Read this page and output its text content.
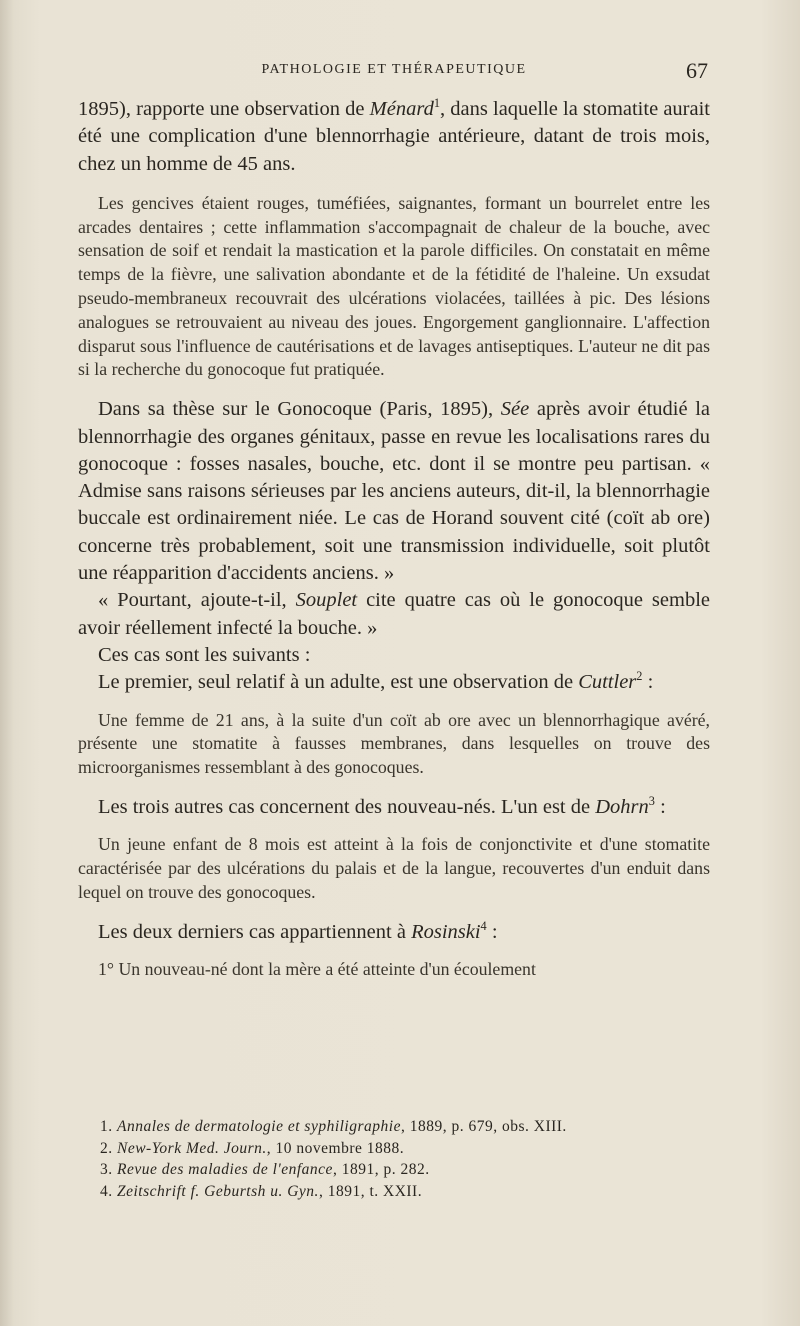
PATHOLOGIE ET THÉRAPEUTIQUE	67

1895), rapporte une observation de Ménard$^1$, dans laquelle la stomatite aurait été une complication d'une blennorrhagie antérieure, datant de trois mois, chez un homme de 45 ans.

Les gencives étaient rouges, tuméfiées, saignantes, formant un bourrelet entre les arcades dentaires ; cette inflammation s'accompagnait de chaleur de la bouche, avec sensation de soif et rendait la mastication et la parole difficiles. On constatait en même temps de la fièvre, une salivation abondante et de la fétidité de l'haleine. Un exsudat pseudo-membraneux recouvrait des ulcérations violacées, taillées à pic. Des lésions analogues se retrouvaient au niveau des joues. Engorgement ganglionnaire. L'affection disparut sous l'influence de cautérisations et de lavages antiseptiques. L'auteur ne dit pas si la recherche du gonocoque fut pratiquée.

Dans sa thèse sur le Gonocoque (Paris, 1895), Sée après avoir étudié la blennorrhagie des organes génitaux, passe en revue les localisations rares du gonocoque : fosses nasales, bouche, etc. dont il se montre peu partisan. « Admise sans raisons sérieuses par les anciens auteurs, dit-il, la blennorrhagie buccale est ordinairement niée. Le cas de Horand souvent cité (coït ab ore) concerne très probablement, soit une transmission individuelle, soit plutôt une réapparition d'accidents anciens. »

« Pourtant, ajoute-t-il, Souplet cite quatre cas où le gonocoque semble avoir réellement infecté la bouche. »

Ces cas sont les suivants :

Le premier, seul relatif à un adulte, est une observation de Cuttler$^2$ :

Une femme de 21 ans, à la suite d'un coït ab ore avec un blennorrhagique avéré, présente une stomatite à fausses membranes, dans lesquelles on trouve des microorganismes ressemblant à des gonocoques.

Les trois autres cas concernent des nouveau-nés. L'un est de Dohrn$^3$ :

Un jeune enfant de 8 mois est atteint à la fois de conjonctivite et d'une stomatite caractérisée par des ulcérations du palais et de la langue, recouvertes d'un enduit dans lequel on trouve des gonocoques.

Les deux derniers cas appartiennent à Rosinski$^4$ :

1° Un nouveau-né dont la mère a été atteinte d'un écoulement

1. Annales de dermatologie et syphiligraphie, 1889, p. 679, obs. XIII.

2. New-York Med. Journ., 10 novembre 1888.

3. Revue des maladies de l'enfance, 1891, p. 282.

4. Zeitschrift f. Geburtsh u. Gyn., 1891, t. XXII.
